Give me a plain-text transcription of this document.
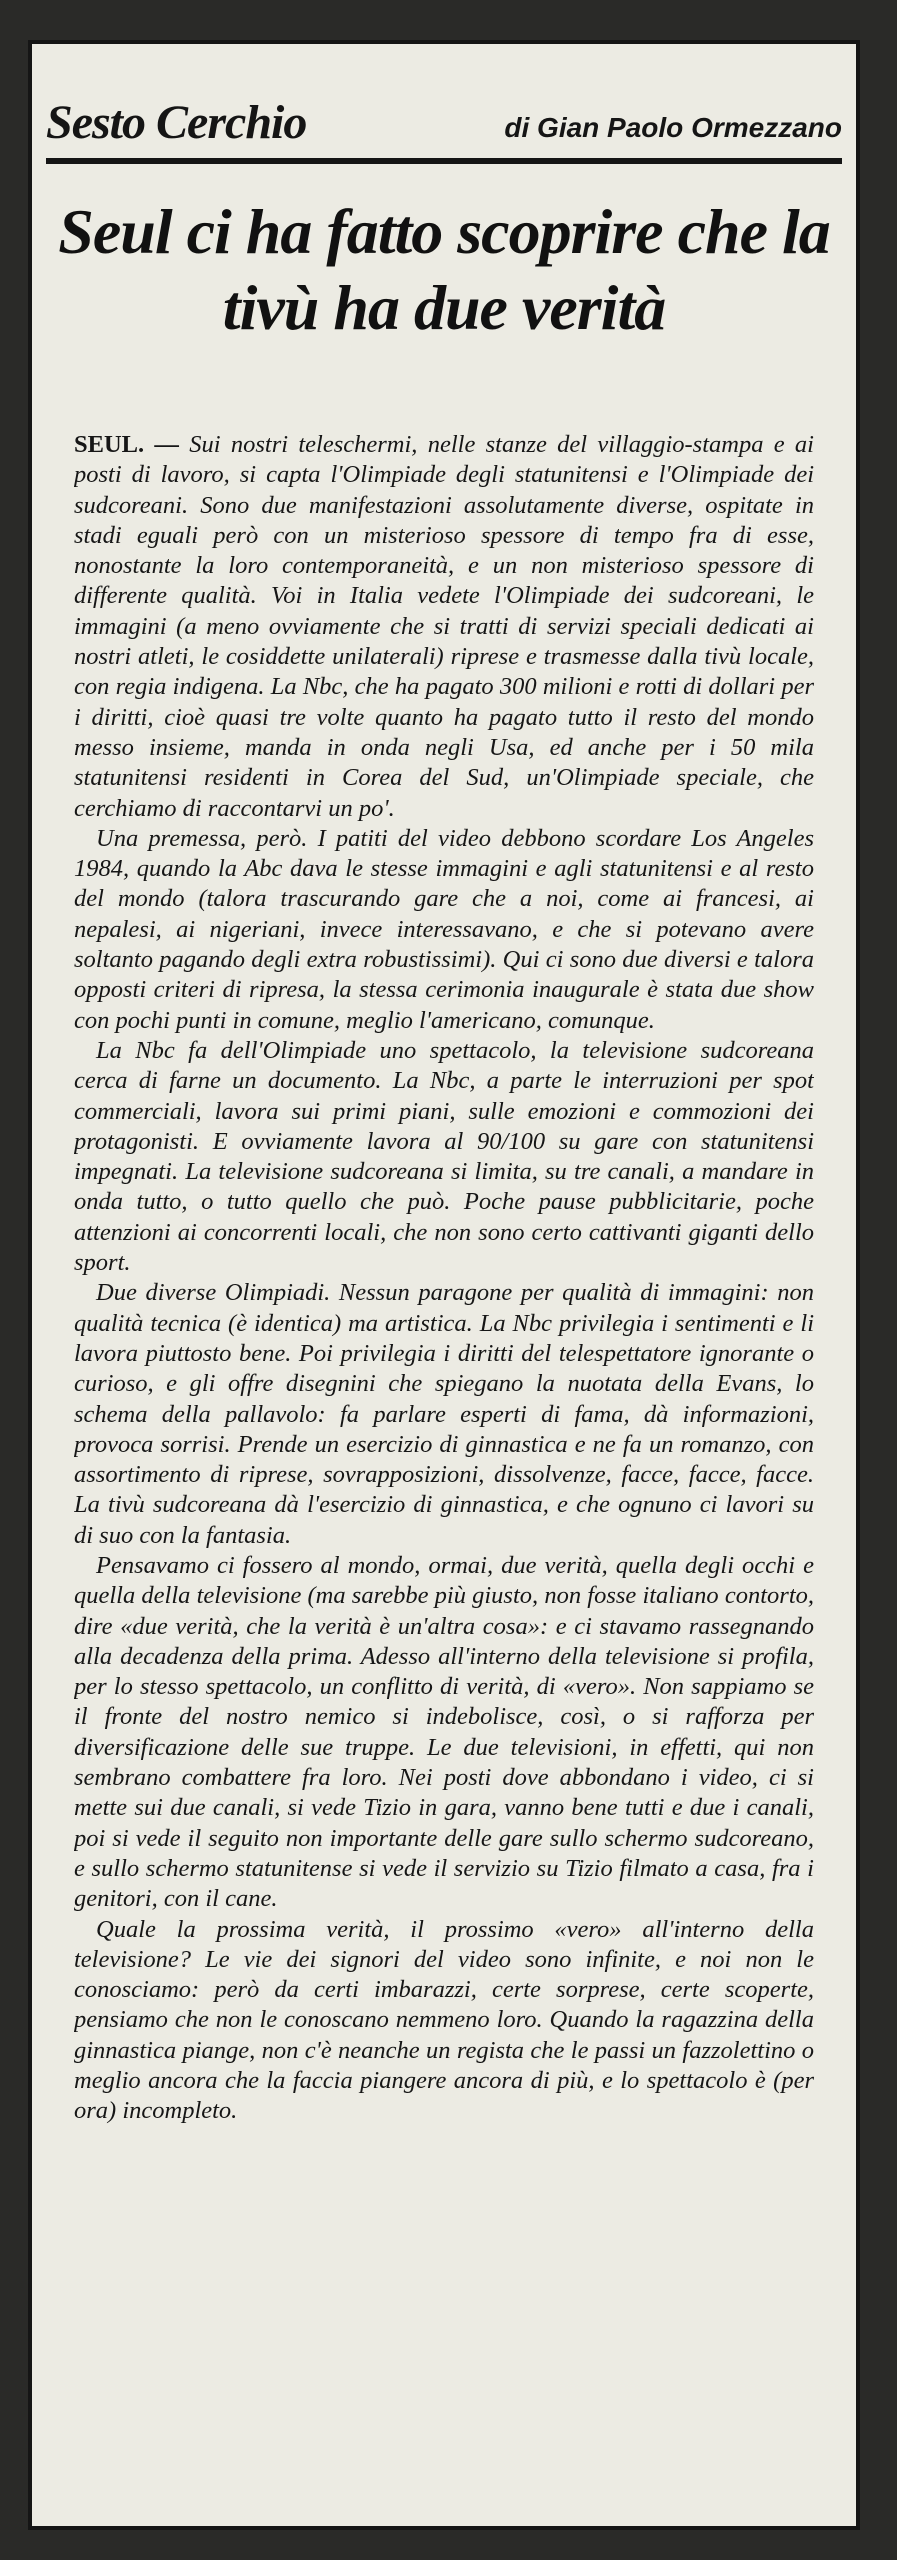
Sesto Cerchio	di Gian Paolo Ormezzano
Seul ci ha fatto scoprire che la tivù ha due verità

SEUL. — Sui nostri teleschermi, nelle stanze del villaggio-stampa e ai posti di lavoro, si capta l'Olimpiade degli statunitensi e l'Olimpiade dei sudcoreani. Sono due manifestazioni assolutamente diverse, ospitate in stadi eguali però con un misterioso spessore di tempo fra di esse, nonostante la loro contemporaneità, e un non misterioso spessore di differente qualità. Voi in Italia vedete l'Olimpiade dei sudcoreani, le immagini (a meno ovviamente che si tratti di servizi speciali dedicati ai nostri atleti, le cosiddette unilaterali) riprese e trasmesse dalla tivù locale, con regia indigena. La Nbc, che ha pagato 300 milioni e rotti di dollari per i diritti, cioè quasi tre volte quanto ha pagato tutto il resto del mondo messo insieme, manda in onda negli Usa, ed anche per i 50 mila statunitensi residenti in Corea del Sud, un'Olimpiade speciale, che cerchiamo di raccontarvi un po'.

Una premessa, però. I patiti del video debbono scordare Los Angeles 1984, quando la Abc dava le stesse immagini e agli statunitensi e al resto del mondo (talora trascurando gare che a noi, come ai francesi, ai nepalesi, ai nigeriani, invece interessavano, e che si potevano avere soltanto pagando degli extra robustissimi). Qui ci sono due diversi e talora opposti criteri di ripresa, la stessa cerimonia inaugurale è stata due show con pochi punti in comune, meglio l'americano, comunque.

La Nbc fa dell'Olimpiade uno spettacolo, la televisione sudcoreana cerca di farne un documento. La Nbc, a parte le interruzioni per spot commerciali, lavora sui primi piani, sulle emozioni e commozioni dei protagonisti. E ovviamente lavora al 90/100 su gare con statunitensi impegnati. La televisione sudcoreana si limita, su tre canali, a mandare in onda tutto, o tutto quello che può. Poche pause pubblicitarie, poche attenzioni ai concorrenti locali, che non sono certo cattivanti giganti dello sport.

Due diverse Olimpiadi. Nessun paragone per qualità di immagini: non qualità tecnica (è identica) ma artistica. La Nbc privilegia i sentimenti e li lavora piuttosto bene. Poi privilegia i diritti del telespettatore ignorante o curioso, e gli offre disegnini che spiegano la nuotata della Evans, lo schema della pallavolo: fa parlare esperti di fama, dà informazioni, provoca sorrisi. Prende un esercizio di ginnastica e ne fa un romanzo, con assortimento di riprese, sovrapposizioni, dissolvenze, facce, facce, facce. La tivù sudcoreana dà l'esercizio di ginnastica, e che ognuno ci lavori su di suo con la fantasia.

Pensavamo ci fossero al mondo, ormai, due verità, quella degli occhi e quella della televisione (ma sarebbe più giusto, non fosse italiano contorto, dire «due verità, che la verità è un'altra cosa»: e ci stavamo rassegnando alla decadenza della prima. Adesso all'interno della televisione si profila, per lo stesso spettacolo, un conflitto di verità, di «vero». Non sappiamo se il fronte del nostro nemico si indebolisce, così, o si rafforza per diversificazione delle sue truppe. Le due televisioni, in effetti, qui non sembrano combattere fra loro. Nei posti dove abbondano i video, ci si mette sui due canali, si vede Tizio in gara, vanno bene tutti e due i canali, poi si vede il seguito non importante delle gare sullo schermo sudcoreano, e sullo schermo statunitense si vede il servizio su Tizio filmato a casa, fra i genitori, con il cane.

Quale la prossima verità, il prossimo «vero» all'interno della televisione? Le vie dei signori del video sono infinite, e noi non le conosciamo: però da certi imbarazzi, certe sorprese, certe scoperte, pensiamo che non le conoscano nemmeno loro. Quando la ragazzina della ginnastica piange, non c'è neanche un regista che le passi un fazzolettino o meglio ancora che la faccia piangere ancora di più, e lo spettacolo è (per ora) incompleto.
